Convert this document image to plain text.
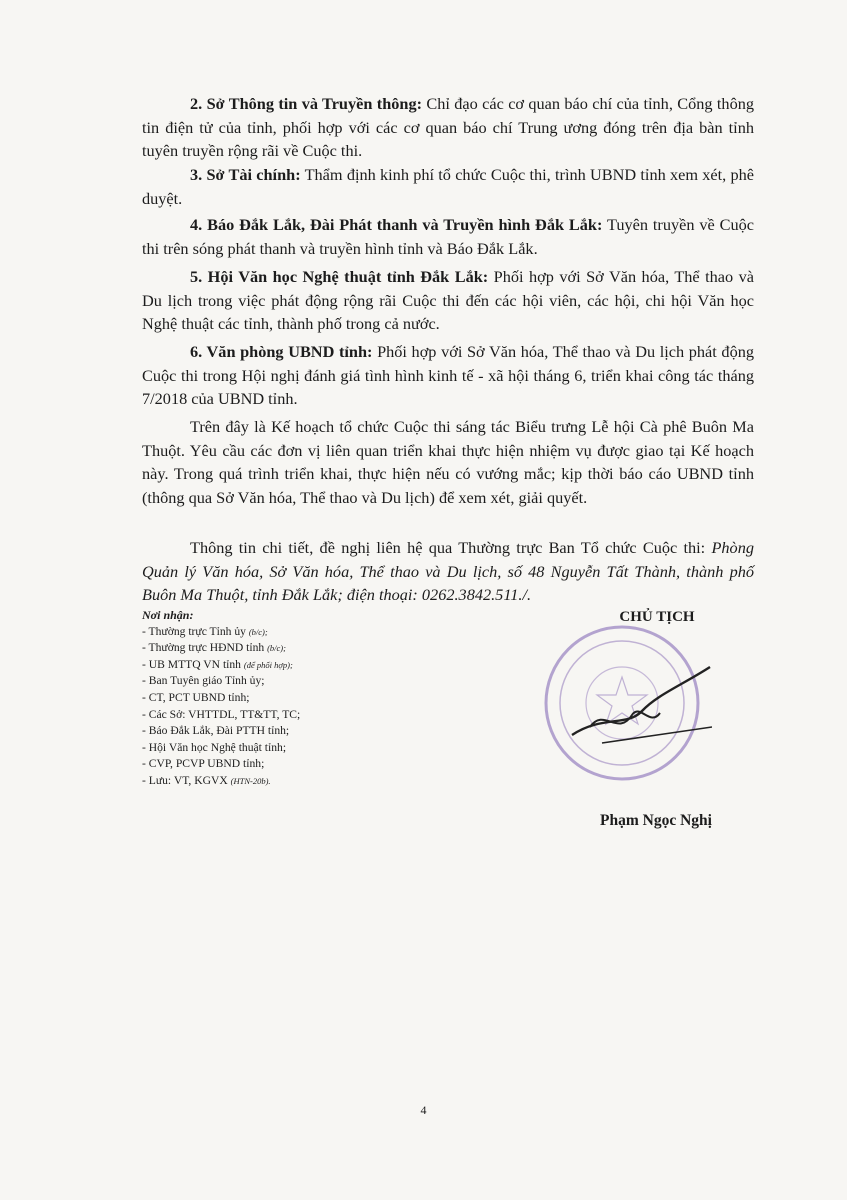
2. Sở Thông tin và Truyền thông: Chỉ đạo các cơ quan báo chí của tỉnh, Cổng thông tin điện tử của tỉnh, phối hợp với các cơ quan báo chí Trung ương đóng trên địa bàn tỉnh tuyên truyền rộng rãi về Cuộc thi.

3. Sở Tài chính: Thẩm định kinh phí tổ chức Cuộc thi, trình UBND tỉnh xem xét, phê duyệt.

4. Báo Đắk Lắk, Đài Phát thanh và Truyền hình Đắk Lắk: Tuyên truyền về Cuộc thi trên sóng phát thanh và truyền hình tỉnh và Báo Đắk Lắk.

5. Hội Văn học Nghệ thuật tỉnh Đắk Lắk: Phối hợp với Sở Văn hóa, Thể thao và Du lịch trong việc phát động rộng rãi Cuộc thi đến các hội viên, các hội, chi hội Văn học Nghệ thuật các tỉnh, thành phố trong cả nước.

6. Văn phòng UBND tỉnh: Phối hợp với Sở Văn hóa, Thể thao và Du lịch phát động Cuộc thi trong Hội nghị đánh giá tình hình kinh tế - xã hội tháng 6, triển khai công tác tháng 7/2018 của UBND tỉnh.

Trên đây là Kế hoạch tổ chức Cuộc thi sáng tác Biểu trưng Lễ hội Cà phê Buôn Ma Thuột. Yêu cầu các đơn vị liên quan triển khai thực hiện nhiệm vụ được giao tại Kế hoạch này. Trong quá trình triển khai, thực hiện nếu có vướng mắc; kịp thời báo cáo UBND tỉnh (thông qua Sở Văn hóa, Thể thao và Du lịch) để xem xét, giải quyết.

Thông tin chi tiết, đề nghị liên hệ qua Thường trực Ban Tổ chức Cuộc thi: Phòng Quản lý Văn hóa, Sở Văn hóa, Thể thao và Du lịch, số 48 Nguyễn Tất Thành, thành phố Buôn Ma Thuột, tỉnh Đắk Lắk; điện thoại: 0262.3842.511./.

Nơi nhận:
- Thường trực Tỉnh ủy (b/c);
- Thường trực HĐND tỉnh (b/c);
- UB MTTQ VN tỉnh (để phối hợp);
- Ban Tuyên giáo Tỉnh ủy;
- CT, PCT UBND tỉnh;
- Các Sở: VHTTDL, TT&TT, TC;
- Báo Đắk Lắk, Đài PTTH tỉnh;
- Hội Văn học Nghệ thuật tỉnh;
- CVP, PCVP UBND tỉnh;
- Lưu: VT, KGVX (HTN-20b).
CHỦ TỊCH
Phạm Ngọc Nghị
4
